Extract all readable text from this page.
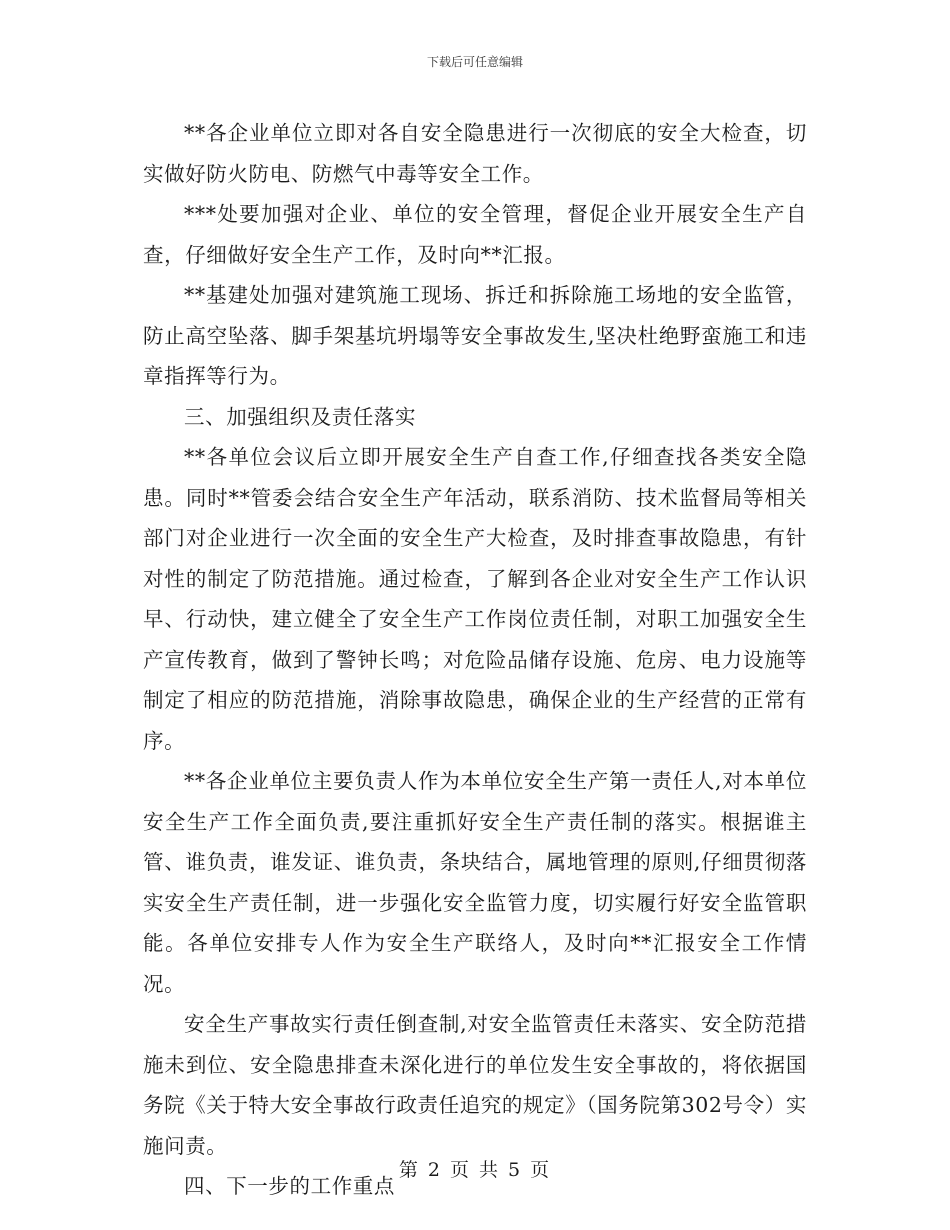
下载后可任意编辑

**各企业单位立即对各自安全隐患进行一次彻底的安全大检查，切实做好防火防电、防燃气中毒等安全工作。

***处要加强对企业、单位的安全管理，督促企业开展安全生产自查，仔细做好安全生产工作，及时向**汇报。

**基建处加强对建筑施工现场、拆迁和拆除施工场地的安全监管，防止高空坠落、脚手架基坑坍塌等安全事故发生,坚决杜绝野蛮施工和违章指挥等行为。

三、加强组织及责任落实

**各单位会议后立即开展安全生产自查工作,仔细查找各类安全隐患。同时**管委会结合安全生产年活动，联系消防、技术监督局等相关部门对企业进行一次全面的安全生产大检查，及时排查事故隐患，有针对性的制定了防范措施。通过检查，了解到各企业对安全生产工作认识早、行动快，建立健全了安全生产工作岗位责任制，对职工加强安全生产宣传教育，做到了警钟长鸣；对危险品储存设施、危房、电力设施等制定了相应的防范措施，消除事故隐患，确保企业的生产经营的正常有序。

**各企业单位主要负责人作为本单位安全生产第一责任人,对本单位安全生产工作全面负责,要注重抓好安全生产责任制的落实。根据谁主管、谁负责，谁发证、谁负责，条块结合，属地管理的原则,仔细贯彻落实安全生产责任制，进一步强化安全监管力度，切实履行好安全监管职能。各单位安排专人作为安全生产联络人，及时向**汇报安全工作情况。

安全生产事故实行责任倒查制,对安全监管责任未落实、安全防范措施未到位、安全隐患排查未深化进行的单位发生安全事故的，将依据国务院《关于特大安全事故行政责任追究的规定》（国务院第302号令）实施问责。

四、下一步的工作重点

第 2 页 共 5 页
